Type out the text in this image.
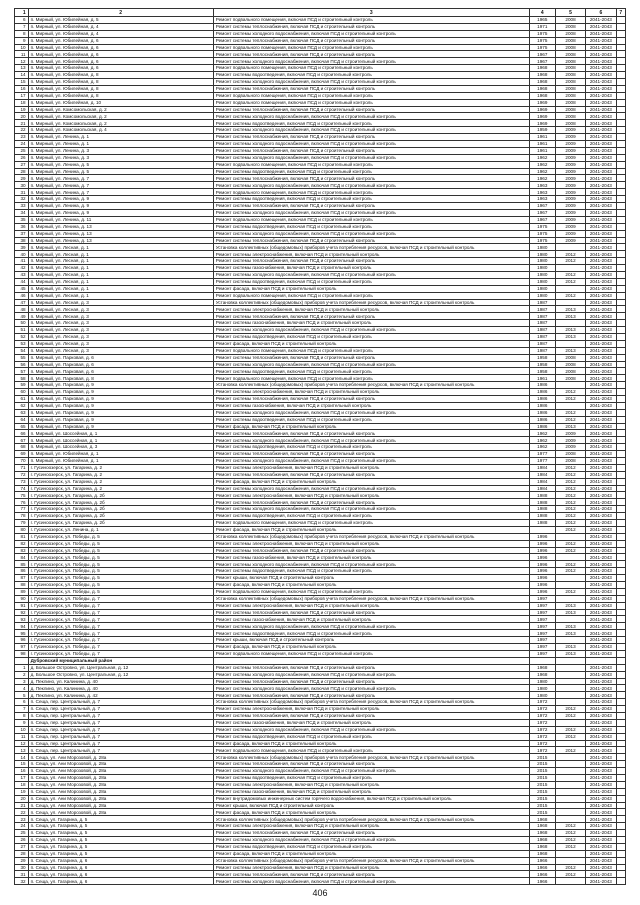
1	2	3	4	5	6	7
6	п. Мирный, ул. Юбилейная, д. 5	Ремонт подвального помещения, включая ПСД и строительный контроль	1965	2008	2041-2043	
7	п. Мирный, ул. Юбилейная, д. 4	Ремонт системы теплоснабжения, включая ПСД и строительный контроль	1971	2008	2041-2043	
8	п. Мирный, ул. Юбилейная, д. 4	Ремонт системы холодного водоснабжения, включая ПСД и строительный контроль	1975	2008	2041-2043	
9	п. Мирный, ул. Юбилейная, д. 6	Ремонт системы теплоснабжения, включая ПСД и строительный контроль	1975	2008	2041-2043	
10	п. Мирный, ул. Юбилейная, д. 6	Ремонт подвального помещения, включая ПСД и строительный контроль	1975	2008	2041-2043	
11	п. Мирный, ул. Юбилейная, д. 6	Ремонт системы теплоснабжения, включая ПСД и строительный контроль	1967	2008	2041-2043	
12	п. Мирный, ул. Юбилейная, д. 6	Ремонт системы холодного водоснабжения, включая ПСД и строительный контроль	1967	2008	2041-2043	
13	п. Мирный, ул. Юбилейная, д. 6	Ремонт подвального помещения, включая ПСД и строительный контроль	1968	2008	2041-2043	
14	п. Мирный, ул. Юбилейная, д. 8	Ремонт системы водоотведения, включая ПСД и строительный контроль	1968	2008	2041-2043	
15	п. Мирный, ул. Юбилейная, д. 8	Ремонт системы холодного водоснабжения, включая ПСД и строительный контроль	1968	2008	2041-2043	
16	п. Мирный, ул. Юбилейная, д. 8	Ремонт системы теплоснабжения, включая ПСД и строительный контроль	1968	2008	2041-2043	
17	п. Мирный, ул. Юбилейная, д. 8	Ремонт подвального помещения, включая ПСД и строительный контроль	1968	2008	2041-2043	
18	п. Мирный, ул. Юбилейная, д. 10	Ремонт подвального помещения, включая ПСД и строительный контроль	1969	2008	2041-2043	
19	п. Мирный, ул. Комсомольская, д. 2	Ремонт системы теплоснабжения, включая ПСД и строительный контроль	1969	2008	2041-2043	
20	п. Мирный, ул. Комсомольская, д. 2	Ремонт системы холодного водоснабжения, включая ПСД и строительный контроль	1969	2008	2041-2043	
21	п. Мирный, ул. Комсомольская, д. 2	Ремонт системы водоотведения, включая ПСД и строительный контроль	1969	2008	2041-2043	
22	п. Мирный, ул. Комсомольская, д. 4	Ремонт системы холодного водоснабжения, включая ПСД и строительный контроль	1959	2009	2041-2043	
23	п. Мирный, ул. Ленина, д. 1	Ремонт системы теплоснабжения, включая ПСД и строительный контроль	1961	2009	2041-2043	
24	п. Мирный, ул. Ленина, д. 1	Ремонт системы холодного водоснабжения, включая ПСД и строительный контроль	1961	2009	2041-2043	
25	п. Мирный, ул. Ленина, д. 3	Ремонт системы теплоснабжения, включая ПСД и строительный контроль	1961	2009	2041-2043	
26	п. Мирный, ул. Ленина, д. 3	Ремонт системы холодного водоснабжения, включая ПСД и строительный контроль	1962	2009	2041-2043	
27	п. Мирный, ул. Ленина, д. 5	Ремонт подвального помещения, включая ПСД и строительный контроль	1962	2009	2041-2043	
28	п. Мирный, ул. Ленина, д. 5	Ремонт системы водоотведения, включая ПСД и строительный контроль	1962	2009	2041-2043	
29	п. Мирный, ул. Ленина, д. 7	Ремонт системы теплоснабжения, включая ПСД и строительный контроль	1962	2009	2041-2043	
30	п. Мирный, ул. Ленина, д. 7	Ремонт системы холодного водоснабжения, включая ПСД и строительный контроль	1963	2009	2041-2043	
31	п. Мирный, ул. Ленина, д. 7	Ремонт подвального помещения, включая ПСД и строительный контроль	1963	2009	2041-2043	
32	п. Мирный, ул. Ленина, д. 9	Ремонт системы водоотведения, включая ПСД и строительный контроль	1963	2009	2041-2043	
33	п. Мирный, ул. Ленина, д. 9	Ремонт системы теплоснабжения, включая ПСД и строительный контроль	1967	2009	2041-2043	
34	п. Мирный, ул. Ленина, д. 9	Ремонт системы холодного водоснабжения, включая ПСД и строительный контроль	1967	2009	2041-2043	
35	п. Мирный, ул. Ленина, д. 11	Ремонт подвального помещения, включая ПСД и строительный контроль	1967	2009	2041-2043	
36	п. Мирный, ул. Ленина, д. 13	Ремонт системы водоотведения, включая ПСД и строительный контроль	1975	2009	2041-2043	
37	п. Мирный, ул. Ленина, д. 13	Ремонт системы холодного водоснабжения, включая ПСД и строительный контроль	1975	2009	2041-2043	
38	п. Мирный, ул. Ленина, д. 13	Ремонт системы теплоснабжения, включая ПСД и строительный контроль	1975	2009	2041-2043	
39	п. Мирный, ул. Лесная, д. 1	Установка коллективных (общедомовых) приборов учета потребления ресурсов, включая ПСД и строительный контроль	1980		2041-2043	
40	п. Мирный, ул. Лесная, д. 1	Ремонт системы электроснабжения, включая ПСД и строительный контроль	1980	2012	2041-2043	
41	п. Мирный, ул. Лесная, д. 1	Ремонт системы теплоснабжения, включая ПСД и строительный контроль	1980	2012	2041-2043	
42	п. Мирный, ул. Лесная, д. 1	Ремонт системы газоснабжения, включая ПСД и строительный контроль	1980		2041-2043	
43	п. Мирный, ул. Лесная, д. 1	Ремонт системы холодного водоснабжения, включая ПСД и строительный контроль	1980	2012	2041-2043	
44	п. Мирный, ул. Лесная, д. 1	Ремонт системы водоотведения, включая ПСД и строительный контроль	1980	2012	2041-2043	
45	п. Мирный, ул. Лесная, д. 1	Ремонт фасада, включая ПСД и строительный контроль	1980		2041-2043	
46	п. Мирный, ул. Лесная, д. 1	Ремонт подвального помещения, включая ПСД и строительный контроль	1980	2012	2041-2043	
47	п. Мирный, ул. Лесная, д. 3	Установка коллективных (общедомовых) приборов учета потребления ресурсов, включая ПСД и строительный контроль	1987		2041-2043	
48	п. Мирный, ул. Лесная, д. 3	Ремонт системы электроснабжения, включая ПСД и строительный контроль	1987	2013	2041-2043	
49	п. Мирный, ул. Лесная, д. 3	Ремонт системы теплоснабжения, включая ПСД и строительный контроль	1987	2013	2041-2043	
50	п. Мирный, ул. Лесная, д. 3	Ремонт системы газоснабжения, включая ПСД и строительный контроль	1987		2041-2043	
51	п. Мирный, ул. Лесная, д. 3	Ремонт системы холодного водоснабжения, включая ПСД и строительный контроль	1987	2013	2041-2043	
52	п. Мирный, ул. Лесная, д. 3	Ремонт системы водоотведения, включая ПСД и строительный контроль	1987	2013	2041-2043	
53	п. Мирный, ул. Лесная, д. 3	Ремонт фасада, включая ПСД и строительный контроль	1987		2041-2043	
54	п. Мирный, ул. Лесная, д. 3	Ремонт подвального помещения, включая ПСД и строительный контроль	1987	2013	2041-2043	
55	п. Мирный, ул. Парковая, д. 6	Ремонт системы теплоснабжения, включая ПСД и строительный контроль	1958	2008	2041-2043	
56	п. Мирный, ул. Парковая, д. 6	Ремонт системы холодного водоснабжения, включая ПСД и строительный контроль	1958	2008	2041-2043	
57	п. Мирный, ул. Парковая, д. 6	Ремонт системы водоотведения, включая ПСД и строительный контроль	1958	2008	2041-2043	
58	п. Мирный, ул. Парковая, д. 8	Ремонт подвального помещения, включая ПСД и строительный контроль	1961	2008	2041-2043	
59	п. Мирный, ул. Парковая, д. 9	Установка коллективных (общедомовых) приборов учета потребления ресурсов, включая ПСД и строительный контроль	1986		2041-2043	
60	п. Мирный, ул. Парковая, д. 9	Ремонт системы электроснабжения, включая ПСД и строительный контроль	1986	2012	2041-2043	
61	п. Мирный, ул. Парковая, д. 9	Ремонт системы теплоснабжения, включая ПСД и строительный контроль	1986	2012	2041-2043	
62	п. Мирный, ул. Парковая, д. 9	Ремонт системы газоснабжения, включая ПСД и строительный контроль	1986		2041-2043	
63	п. Мирный, ул. Парковая, д. 9	Ремонт системы холодного водоснабжения, включая ПСД и строительный контроль	1986	2012	2041-2043	
64	п. Мирный, ул. Парковая, д. 9	Ремонт системы водоотведения, включая ПСД и строительный контроль	1986	2012	2041-2043	
65	п. Мирный, ул. Парковая, д. 9	Ремонт фасада, включая ПСД и строительный контроль	1986	2013	2041-2043	
66	п. Мирный, ул. Шоссейная, д. 1	Ремонт системы теплоснабжения, включая ПСД и строительный контроль	1962	2009	2041-2043	
67	п. Мирный, ул. Шоссейная, д. 1	Ремонт системы холодного водоснабжения, включая ПСД и строительный контроль	1962	2009	2041-2043	
68	п. Мирный, ул. Шоссейная, д. 3	Ремонт системы водоотведения, включая ПСД и строительный контроль	1962	2009	2041-2043	
69	п. Мирный, ул. Юбилейная, д. 1	Ремонт системы теплоснабжения, включая ПСД и строительный контроль	1977	2008	2041-2043	
70	п. Мирный, ул. Юбилейная, д. 1	Ремонт системы холодного водоснабжения, включая ПСД и строительный контроль	1977	2008	2041-2043	
71	г. Гусиноозерск, ул. Гагарина, д. 2	Ремонт системы электроснабжения, включая ПСД и строительный контроль	1984	2012	2041-2043	
72	г. Гусиноозерск, ул. Гагарина, д. 2	Ремонт системы теплоснабжения, включая ПСД и строительный контроль	1984	2012	2041-2043	
73	г. Гусиноозерск, ул. Гагарина, д. 2	Ремонт фасада, включая ПСД и строительный контроль	1984	2012	2041-2043	
74	г. Гусиноозерск, ул. Гагарина, д. 2	Ремонт системы холодного водоснабжения, включая ПСД и строительный контроль	1984	2012	2041-2043	
75	г. Гусиноозерск, ул. Гагарина, д. 2б	Ремонт системы электроснабжения, включая ПСД и строительный контроль	1988	2012	2041-2043	
76	г. Гусиноозерск, ул. Гагарина, д. 2б	Ремонт системы теплоснабжения, включая ПСД и строительный контроль	1988	2012	2041-2043	
77	г. Гусиноозерск, ул. Гагарина, д. 2б	Ремонт системы холодного водоснабжения, включая ПСД и строительный контроль	1988	2012	2041-2043	
78	г. Гусиноозерск, ул. Гагарина, д. 2б	Ремонт системы водоотведения, включая ПСД и строительный контроль	1988	2012	2041-2043	
79	г. Гусиноозерск, ул. Гагарина, д. 2б	Ремонт подвального помещения, включая ПСД и строительный контроль	1988	2012	2041-2043	
80	г. Гусиноозерск, ул. Ленина, д. 1	Ремонт фасада, включая ПСД и строительный контроль		2012	2041-2043	
81	г. Гусиноозерск, ул. Победы, д. 5	Установка коллективных (общедомовых) приборов учета потребления ресурсов, включая ПСД и строительный контроль	1996		2041-2043	
82	г. Гусиноозерск, ул. Победы, д. 5	Ремонт системы электроснабжения, включая ПСД и строительный контроль	1996	2012	2041-2043	
83	г. Гусиноозерск, ул. Победы, д. 5	Ремонт системы теплоснабжения, включая ПСД и строительный контроль	1996	2012	2041-2043	
84	г. Гусиноозерск, ул. Победы, д. 5	Ремонт системы газоснабжения, включая ПСД и строительный контроль	1996		2041-2043	
85	г. Гусиноозерск, ул. Победы, д. 5	Ремонт системы холодного водоснабжения, включая ПСД и строительный контроль	1996	2012	2041-2043	
86	г. Гусиноозерск, ул. Победы, д. 5	Ремонт системы водоотведения, включая ПСД и строительный контроль	1996	2012	2041-2043	
87	г. Гусиноозерск, ул. Победы, д. 5	Ремонт крыши, включая ПСД и строительный контроль	1996		2041-2043	
88	г. Гусиноозерск, ул. Победы, д. 5	Ремонт фасада, включая ПСД и строительный контроль	1996		2041-2043	
89	г. Гусиноозерск, ул. Победы, д. 5	Ремонт подвального помещения, включая ПСД и строительный контроль	1996	2012	2041-2043	
90	г. Гусиноозерск, ул. Победы, д. 7	Установка коллективных (общедомовых) приборов учета потребления ресурсов, включая ПСД и строительный контроль	1997		2041-2043	
91	г. Гусиноозерск, ул. Победы, д. 7	Ремонт системы электроснабжения, включая ПСД и строительный контроль	1997	2013	2041-2043	
92	г. Гусиноозерск, ул. Победы, д. 7	Ремонт системы теплоснабжения, включая ПСД и строительный контроль	1997	2013	2041-2043	
93	г. Гусиноозерск, ул. Победы, д. 7	Ремонт системы газоснабжения, включая ПСД и строительный контроль	1997		2041-2043	
94	г. Гусиноозерск, ул. Победы, д. 7	Ремонт системы холодного водоснабжения, включая ПСД и строительный контроль	1997	2013	2041-2043	
95	г. Гусиноозерск, ул. Победы, д. 7	Ремонт системы водоотведения, включая ПСД и строительный контроль	1997	2013	2041-2043	
96	г. Гусиноозерск, ул. Победы, д. 7	Ремонт крыши, включая ПСД и строительный контроль	1997		2041-2043	
97	г. Гусиноозерск, ул. Победы, д. 7	Ремонт фасада, включая ПСД и строительный контроль	1997	2013	2041-2043	
98	г. Гусиноозерск, ул. Победы, д. 7	Ремонт подвального помещения, включая ПСД и строительный контроль	1997	2013	2041-2043	
	Дубровский муниципальный район					
1	д. Большое Островно, ул. Центральная, д. 12	Ремонт системы теплоснабжения, включая ПСД и строительный контроль	1968		2041-2043	
2	д. Большое Островно, ул. Центральная, д. 12	Ремонт системы холодного водоснабжения, включая ПСД и строительный контроль	1968		2041-2043	
3	д. Пеклино, ул. Калинина, д. 40	Ремонт системы теплоснабжения, включая ПСД и строительный контроль	1980		2041-2043	
4	д. Пеклино, ул. Калинина, д. 40	Ремонт системы холодного водоснабжения, включая ПСД и строительный контроль	1980		2041-2043	
5	д. Пеклино, ул. Калинина, д. 42	Ремонт системы теплоснабжения, включая ПСД и строительный контроль	1980		2041-2043	
6	п. Сеща, пер. Центральный, д. 7	Установка коллективных (общедомовых) приборов учета потребления ресурсов, включая ПСД и строительный контроль	1972		2041-2043	
7	п. Сеща, пер. Центральный, д. 7	Ремонт системы электроснабжения, включая ПСД и строительный контроль	1972	2012	2041-2043	
8	п. Сеща, пер. Центральный, д. 7	Ремонт системы теплоснабжения, включая ПСД и строительный контроль	1972	2012	2041-2043	
9	п. Сеща, пер. Центральный, д. 7	Ремонт системы газоснабжения, включая ПСД и строительный контроль	1972		2041-2043	
10	п. Сеща, пер. Центральный, д. 7	Ремонт системы холодного водоснабжения, включая ПСД и строительный контроль	1972	2012	2041-2043	
11	п. Сеща, пер. Центральный, д. 7	Ремонт системы водоотведения, включая ПСД и строительный контроль	1972	2012	2041-2043	
12	п. Сеща, пер. Центральный, д. 7	Ремонт фасада, включая ПСД и строительный контроль	1972		2041-2043	
13	п. Сеща, пер. Центральный, д. 7	Ремонт подвального помещения, включая ПСД и строительный контроль	1972	2012	2041-2043	
14	п. Сеща, ул. Ани Морозовой, д. 28а	Установка коллективных (общедомовых) приборов учета потребления ресурсов, включая ПСД и строительный контроль	2015		2041-2043	
15	п. Сеща, ул. Ани Морозовой, д. 28а	Ремонт системы теплоснабжения, включая ПСД и строительный контроль	2015		2041-2043	
16	п. Сеща, ул. Ани Морозовой, д. 28а	Ремонт системы холодного водоснабжения, включая ПСД и строительный контроль	2015		2041-2043	
17	п. Сеща, ул. Ани Морозовой, д. 28а	Ремонт системы водоотведения, включая ПСД и строительный контроль	2015		2041-2043	
18	п. Сеща, ул. Ани Морозовой, д. 28а	Ремонт системы электроснабжения, включая ПСД и строительный контроль	2015		2041-2043	
19	п. Сеща, ул. Ани Морозовой, д. 28а	Ремонт системы газоснабжения, включая ПСД и строительный контроль	2015		2041-2043	
20	п. Сеща, ул. Ани Морозовой, д. 28а	Ремонт внутридомовых инженерных систем горячего водоснабжения, включая ПСД и строительный контроль	2015		2041-2043	
21	п. Сеща, ул. Ани Морозовой, д. 28а	Ремонт крыши, включая ПСД и строительный контроль	2015		2041-2043	
22	п. Сеща, ул. Ани Морозовой, д. 28а	Ремонт фасада, включая ПСД и строительный контроль	2015		2041-2043	
23	п. Сеща, ул. Гагарина, д. 5	Установка коллективных (общедомовых) приборов учета потребления ресурсов, включая ПСД и строительный контроль	1968		2041-2043	
24	п. Сеща, ул. Гагарина, д. 5	Ремонт системы электроснабжения, включая ПСД и строительный контроль	1968	2012	2041-2043	
25	п. Сеща, ул. Гагарина, д. 5	Ремонт системы теплоснабжения, включая ПСД и строительный контроль	1968	2012	2041-2043	
26	п. Сеща, ул. Гагарина, д. 5	Ремонт системы холодного водоснабжения, включая ПСД и строительный контроль	1968	2012	2041-2043	
27	п. Сеща, ул. Гагарина, д. 5	Ремонт системы водоотведения, включая ПСД и строительный контроль	1968	2012	2041-2043	
28	п. Сеща, ул. Гагарина, д. 5	Ремонт фасада, включая ПСД и строительный контроль	1968		2041-2043	
29	п. Сеща, ул. Гагарина, д. 6	Установка коллективных (общедомовых) приборов учета потребления ресурсов, включая ПСД и строительный контроль	1966		2041-2043	
30	п. Сеща, ул. Гагарина, д. 6	Ремонт системы электроснабжения, включая ПСД и строительный контроль	1966	2012	2041-2043	
31	п. Сеща, ул. Гагарина, д. 6	Ремонт системы теплоснабжения, включая ПСД и строительный контроль	1966	2012	2041-2043	
32	п. Сеща, ул. Гагарина, д. 6	Ремонт системы холодного водоснабжения, включая ПСД и строительный контроль	1966		2041-2043	
406
